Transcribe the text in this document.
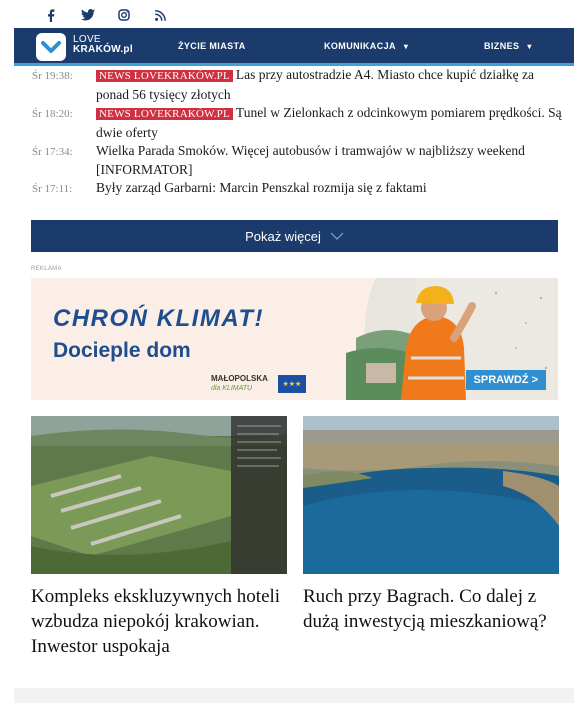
LOVE
KRAKÓW.pl	ŻYCIE MIASTA	KOMUNIKACJA ▾	BIZNES ▾
Śr 19:38:	NEWS LOVEKRAKÓW.PL Las przy autostradzie A4. Miasto chce kupić działkę za ponad 56 tysięcy złotych
Śr 18:20:	NEWS LOVEKRAKÓW.PL Tunel w Zielonkach z odcinkowym pomiarem prędkości. Są dwie oferty
Śr 17:34:	Wielka Parada Smoków. Więcej autobusów i tramwajów w najbliższy weekend [INFORMATOR]
Śr 17:11:	Były zarząd Garbarni: Marcin Penszkal rozmija się z faktami
Pokaż więcej
REKLAMA
CHROŃ KLIMAT!
Docieple dom
MAŁOPOLSKA
dla KLIMATU
★★★	SPRAWDŹ >
Kompleks ekskluzywnych hoteli wzbudza niepokój krakowian. Inwestor uspokaja
Ruch przy Bagrach. Co dalej z dużą inwestycją mieszkaniową?
